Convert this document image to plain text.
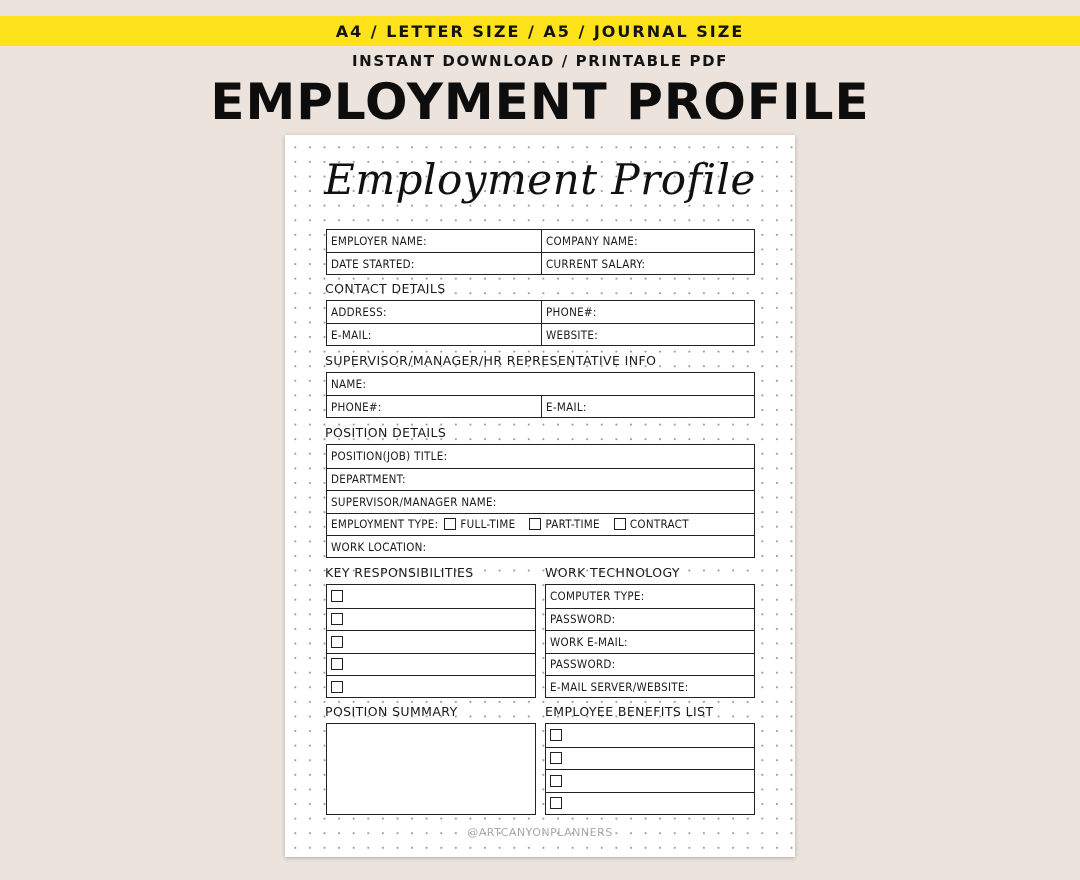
A4 / LETTER SIZE / A5 / JOURNAL SIZE
INSTANT DOWNLOAD / PRINTABLE PDF
EMPLOYMENT PROFILE
Employment Profile
EMPLOYER NAME:	COMPANY NAME:
DATE STARTED:	CURRENT SALARY:
CONTACT DETAILS
ADDRESS:	PHONE#:
E-MAIL:	WEBSITE:
SUPERVISOR/MANAGER/HR REPRESENTATIVE INFO
NAME:
PHONE#:	E-MAIL:
POSITION DETAILS
POSITION(JOB) TITLE:
DEPARTMENT:
SUPERVISOR/MANAGER NAME:
EMPLOYMENT TYPE: FULL-TIME	PART-TIME	CONTRACT
WORK LOCATION:
KEY RESPONSIBILITIES	WORK TECHNOLOGY
COMPUTER TYPE:
PASSWORD:
WORK E-MAIL:
PASSWORD:
E-MAIL SERVER/WEBSITE:
POSITION SUMMARY	EMPLOYEE BENEFITS LIST
@ARTCANYONPLANNERS
